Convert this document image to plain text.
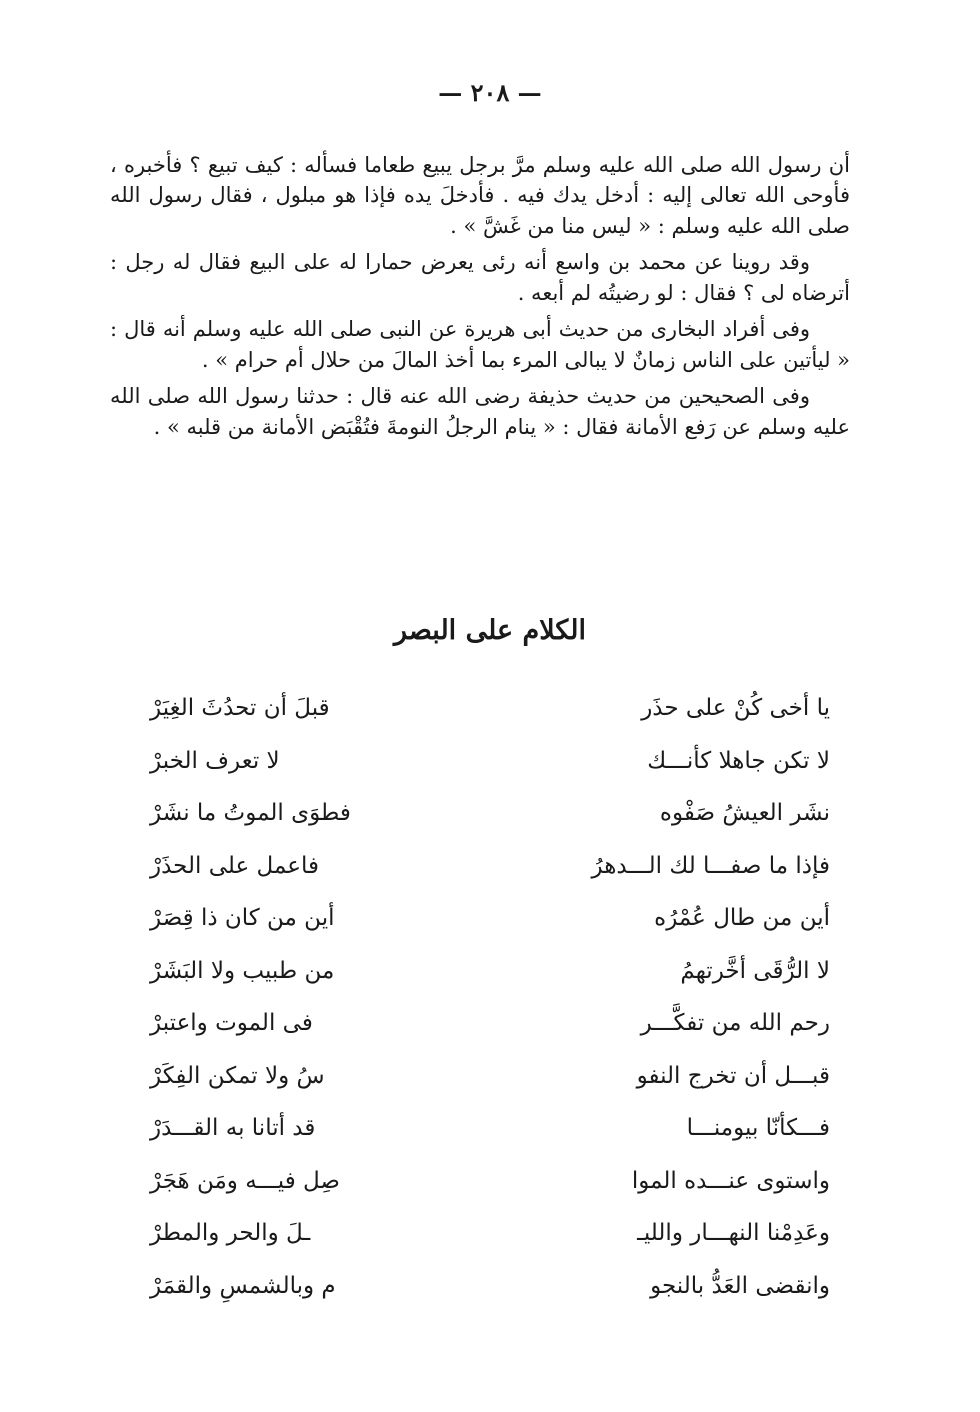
— ٢٠٨ —

أن رسول الله صلى الله عليه وسلم مرَّ برجل يبيع طعاما فسأله : كيف تبيع ؟ فأخبره ، فأوحى الله تعالى إليه : أدخل يدك فيه . فأدخلَ يده فإذا هو مبلول ، فقال رسول الله صلى الله عليه وسلم : « ليس منا من غَشَّ » .

وقد روينا عن محمد بن واسع أنه رئى يعرض حمارا له على البيع فقال له رجل : أترضاه لى ؟ فقال : لو رضيتُه لم أبعه .

وفى أفراد البخارى من حديث أبى هريرة عن النبى صلى الله عليه وسلم أنه قال : « ليأتين على الناس زمانٌ لا يبالى المرء بما أخذ المالَ من حلال أم حرام » .

وفى الصحيحين من حديث حذيفة رضى الله عنه قال : حدثنا رسول الله صلى الله عليه وسلم عن رَفع الأمانة فقال : « ينام الرجلُ النومةَ فتُقْبَض الأمانة من قلبه » .

الكلام على البصر
يا أخى كُنْ على حذَر
قبلَ أن تحدُثَ الغِيَرْ
لا تكن جاهلا كأنـــك
لا تعرف الخبرْ
نشَر العيشُ صَفْوه
فطوَى الموتُ ما نشَرْ
فإذا ما صفـــا لك الـــدهرُ
فاعمل على الحذَرْ
أين من طال عُمْرُه
أين من كان ذا قِصَرْ
لا الرُّقَى أخَّرتهمُ
من طبيب ولا البَشَرْ
رحم الله من تفكَّـــر
فى الموت واعتبرْ
قبـــل أن تخرج النفو
سُ ولا تمكن الفِكَرْ
فـــكأنّا بيومنـــا
قد أتانا به القـــدَرْ
واستوى عنـــده الموا
صِل فيـــه ومَن هَجَرْ
وعَدِمْنا النهـــار والليـ
ـلَ والحر والمطرْ
وانقضى العَدُّ بالنجو
م وبالشمسِ والقمَرْ
